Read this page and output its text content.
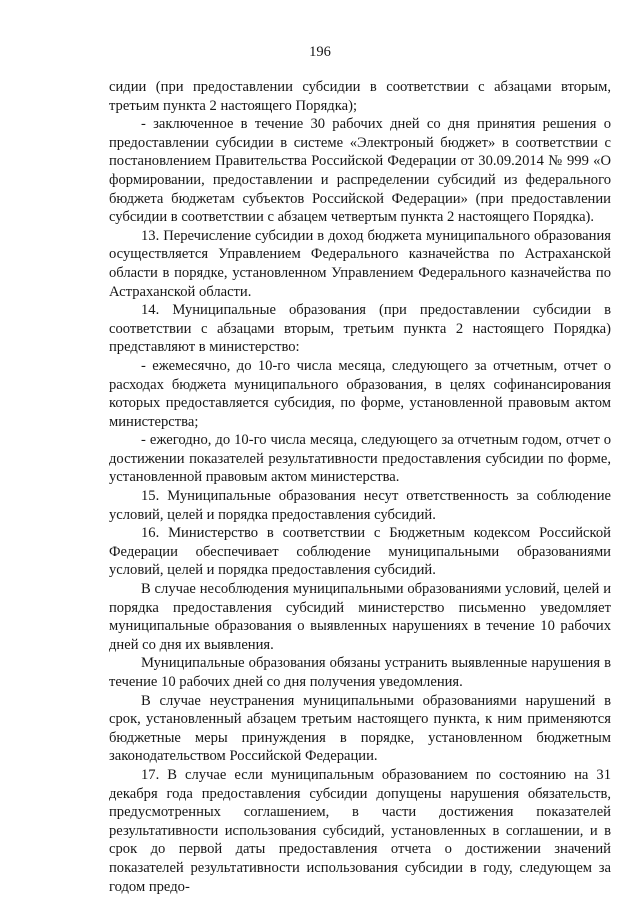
196

сидии (при предоставлении субсидии в соответствии с абзацами вторым, третьим пункта 2 настоящего Порядка);

- заключенное в течение 30 рабочих дней со дня принятия решения о предоставлении субсидии в системе «Электроный бюджет» в соответствии с постановлением Правительства Российской Федерации от 30.09.2014 № 999 «О формировании, предоставлении и распределении субсидий из федерального бюджета бюджетам субъектов Российской Федерации» (при предоставлении субсидии в соответствии с абзацем четвертым пункта 2 настоящего Порядка).

13. Перечисление субсидии в доход бюджета муниципального образования осуществляется Управлением Федерального казначейства по Астраханской области в порядке, установленном Управлением Федерального казначейства по Астраханской области.

14. Муниципальные образования (при предоставлении субсидии в соответствии с абзацами вторым, третьим пункта 2 настоящего Порядка) представляют в министерство:

- ежемесячно, до 10-го числа месяца, следующего за отчетным, отчет о расходах бюджета муниципального образования, в целях софинансирования которых предоставляется субсидия, по форме, установленной правовым актом министерства;

- ежегодно, до 10-го числа месяца, следующего за отчетным годом, отчет о достижении показателей результативности предоставления субсидии по форме, установленной правовым актом министерства.

15. Муниципальные образования несут ответственность за соблюдение условий, целей и порядка предоставления субсидий.

16. Министерство в соответствии с Бюджетным кодексом Российской Федерации обеспечивает соблюдение муниципальными образованиями условий, целей и порядка предоставления субсидий.

В случае несоблюдения муниципальными образованиями условий, целей и порядка предоставления субсидий министерство письменно уведомляет муниципальные образования о выявленных нарушениях в течение 10 рабочих дней со дня их выявления.

Муниципальные образования обязаны устранить выявленные нарушения в течение 10 рабочих дней со дня получения уведомления.

В случае неустранения муниципальными образованиями нарушений в срок, установленный абзацем третьим настоящего пункта, к ним применяются бюджетные меры принуждения в порядке, установленном бюджетным законодательством Российской Федерации.

17. В случае если муниципальным образованием по состоянию на 31 декабря года предоставления субсидии допущены нарушения обязательств, предусмотренных соглашением, в части достижения показателей результативности использования субсидий, установленных в соглашении, и в срок до первой даты предоставления отчета о достижении значений показателей результативности использования субсидии в году, следующем за годом предо-
